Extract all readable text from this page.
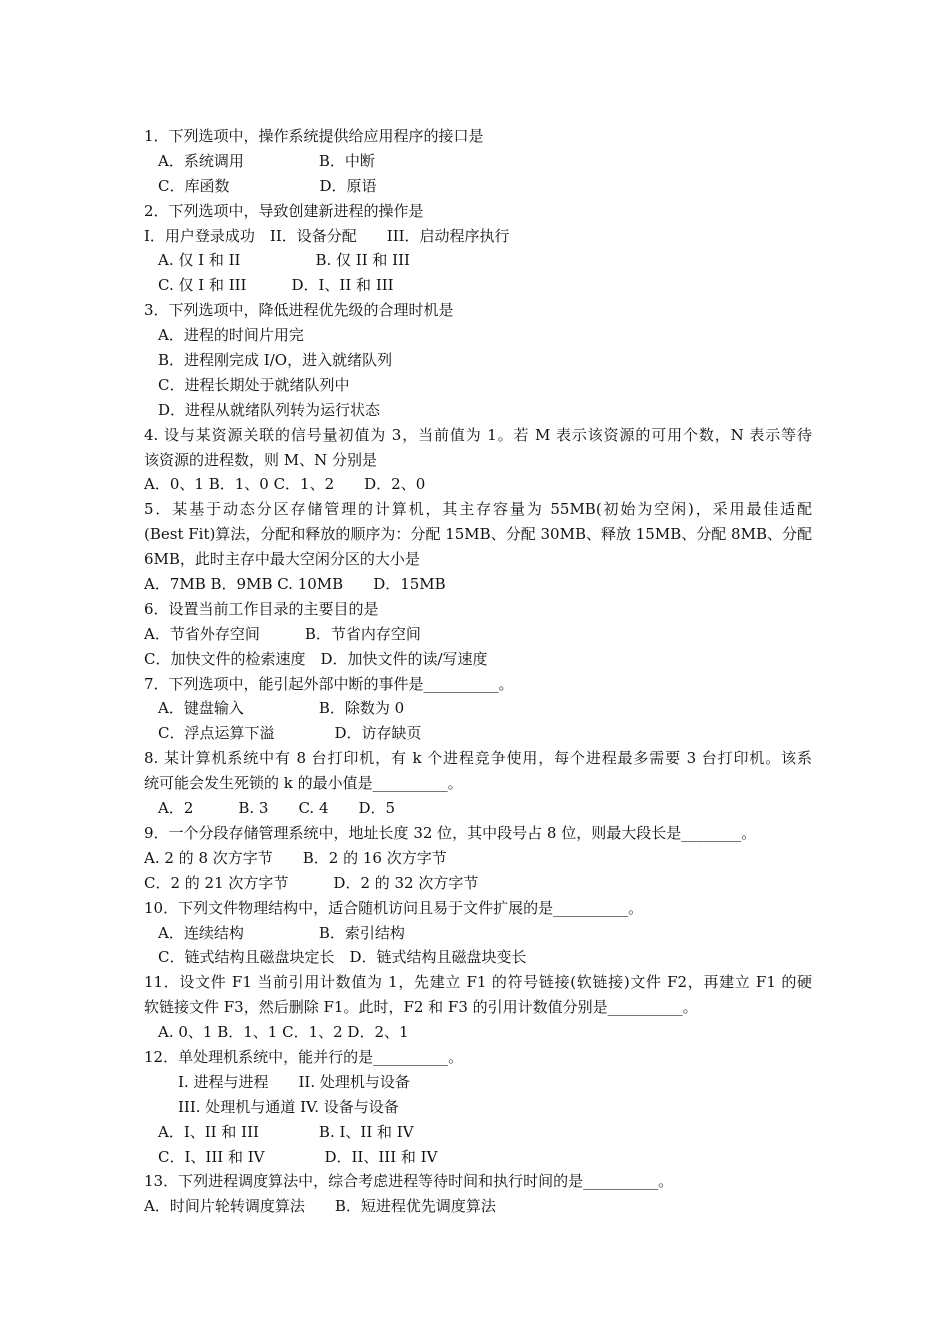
1．下列选项中，操作系统提供给应用程序的接口是
A．系统调用　　　　　B．中断
C．库函数　　　　　　D．原语
2．下列选项中，导致创建新进程的操作是
I．用户登录成功　II．设备分配　　III．启动程序执行
A. 仅 I 和 II　　　　　B. 仅 II 和 III
C. 仅 I 和 III　　　D．I、II 和 III
3．下列选项中，降低进程优先级的合理时机是
A．进程的时间片用完
B．进程刚完成 I/O，进入就绪队列
C．进程长期处于就绪队列中
D．进程从就绪队列转为运行状态
4. 设与某资源关联的信号量初值为 3，当前值为 1。若 M 表示该资源的可用个数，N 表示等待
该资源的进程数，则 M、N 分别是
A．0、1 B．1、0 C．1、2　　D．2、0
5．某基于动态分区存储管理的计算机，其主存容量为 55MB(初始为空闲)，采用最佳适配
(Best Fit)算法，分配和释放的顺序为：分配 15MB、分配 30MB、释放 15MB、分配 8MB、分配
6MB，此时主存中最大空闲分区的大小是
A．7MB B．9MB C. 10MB　　D．15MB
6．设置当前工作目录的主要目的是
A．节省外存空间　　　B．节省内存空间
C．加快文件的检索速度　D．加快文件的读/写速度
7．下列选项中，能引起外部中断的事件是__________。
A．键盘输入　　　　　B．除数为 0
C．浮点运算下溢　　　　D．访存缺页
8. 某计算机系统中有 8 台打印机，有 k 个进程竞争使用，每个进程最多需要 3 台打印机。该系
统可能会发生死锁的 k 的最小值是__________。
A．2　　　B. 3　　C. 4　　D．5
9．一个分段存储管理系统中，地址长度 32 位，其中段号占 8 位，则最大段长是________。
A. 2 的 8 次方字节　　B．2 的 16 次方字节
C．2 的 21 次方字节　　　D．2 的 32 次方字节
10．下列文件物理结构中，适合随机访问且易于文件扩展的是__________。
A．连续结构　　　　　B．索引结构
C．链式结构且磁盘块定长　D．链式结构且磁盘块变长
11．设文件 F1 当前引用计数值为 1，先建立 F1 的符号链接(软链接)文件 F2，再建立 F1 的硬
软链接文件 F3，然后删除 F1。此时，F2 和 F3 的引用计数值分别是__________。
A. 0、1 B．1、1 C．1、2 D．2、1
12．单处理机系统中，能并行的是__________。
I. 进程与进程　　II. 处理机与设备
III. 处理机与通道 IV. 设备与设备
A．I、II 和 III　　　　B. I、II 和 IV
C．I、III 和 IV　　　　D．II、III 和 IV
13．下列进程调度算法中，综合考虑进程等待时间和执行时间的是__________。
A．时间片轮转调度算法　　B．短进程优先调度算法
